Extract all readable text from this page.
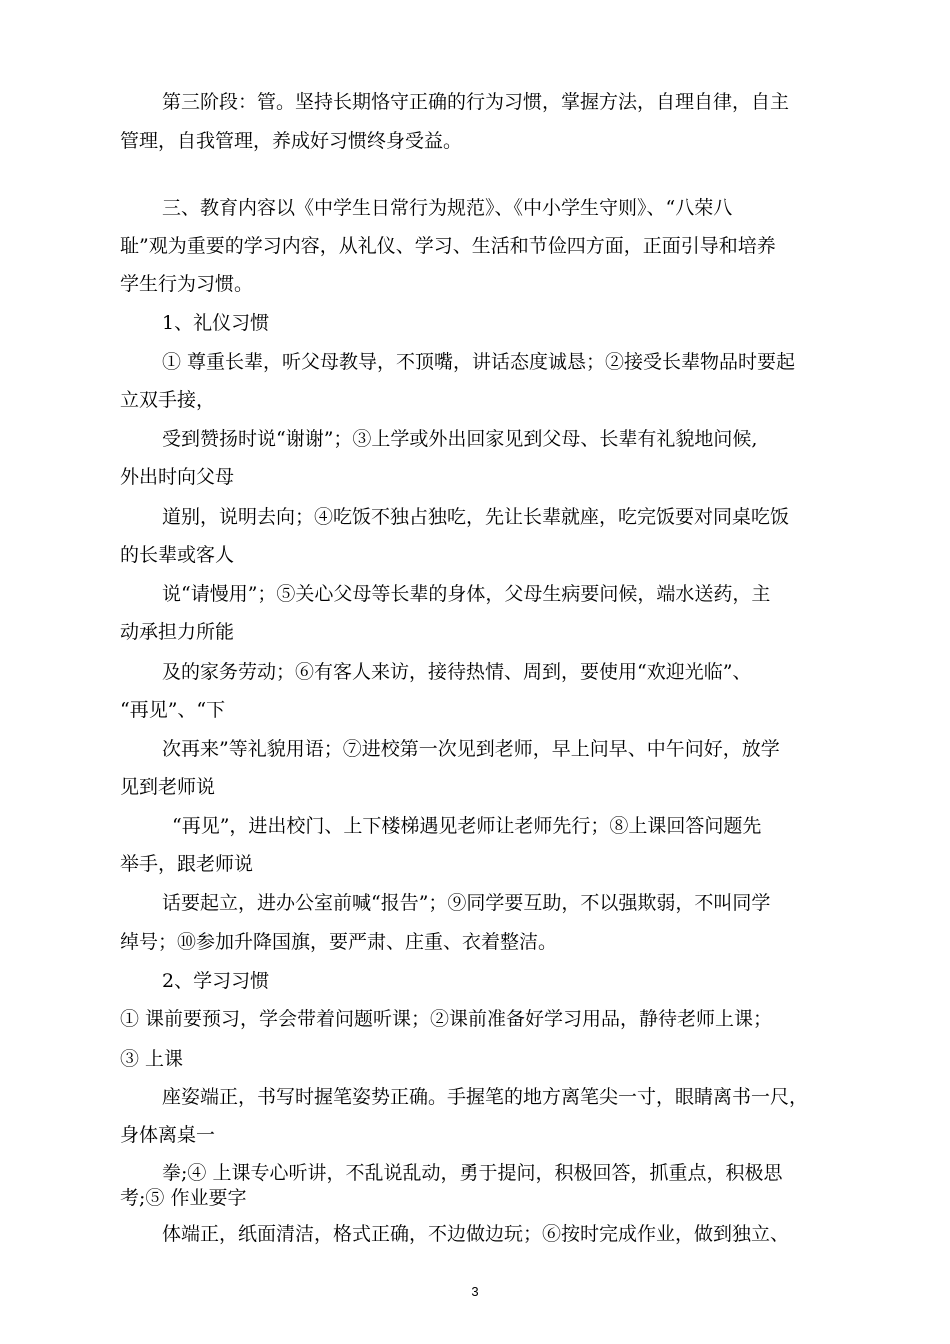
第三阶段：管。坚持长期恪守正确的行为习惯，掌握方法，自理自律，自主
管理，自我管理，养成好习惯终身受益。
三、教育内容以《中学生日常行为规范》、《中小学生守则》、“八荣八
耻”观为重要的学习内容，从礼仪、学习、生活和节俭四方面，正面引导和培养
学生行为习惯。
1、礼仪习惯
① 尊重长辈，听父母教导，不顶嘴，讲话态度诚恳；②接受长辈物品时要起
立双手接，
受到赞扬时说“谢谢”；③上学或外出回家见到父母、长辈有礼貌地问候,
外出时向父母
道别，说明去向；④吃饭不独占独吃，先让长辈就座，吃完饭要对同桌吃饭
的长辈或客人
说“请慢用”；⑤关心父母等长辈的身体，父母生病要问候，端水送药，主
动承担力所能
及的家务劳动；⑥有客人来访，接待热情、周到，要使用“欢迎光临”、
“再见”、“下
次再来”等礼貌用语；⑦进校第一次见到老师，早上问早、中午问好，放学
见到老师说
“再见”，进出校门、上下楼梯遇见老师让老师先行；⑧上课回答问题先
举手，跟老师说
话要起立，进办公室前喊“报告”；⑨同学要互助，不以强欺弱，不叫同学
绰号；⑩参加升降国旗，要严肃、庄重、衣着整洁。
2、学习习惯
① 课前要预习，学会带着问题听课；②课前准备好学习用品，静待老师上课；
③ 上课
座姿端正，书写时握笔姿势正确。手握笔的地方离笔尖一寸，眼睛离书一尺，
身体离桌一
拳;④ 上课专心听讲，不乱说乱动，勇于提问，积极回答，抓重点，积极思
考;⑤ 作业要字
体端正，纸面清洁，格式正确，不边做边玩；⑥按时完成作业，做到独立、
3
